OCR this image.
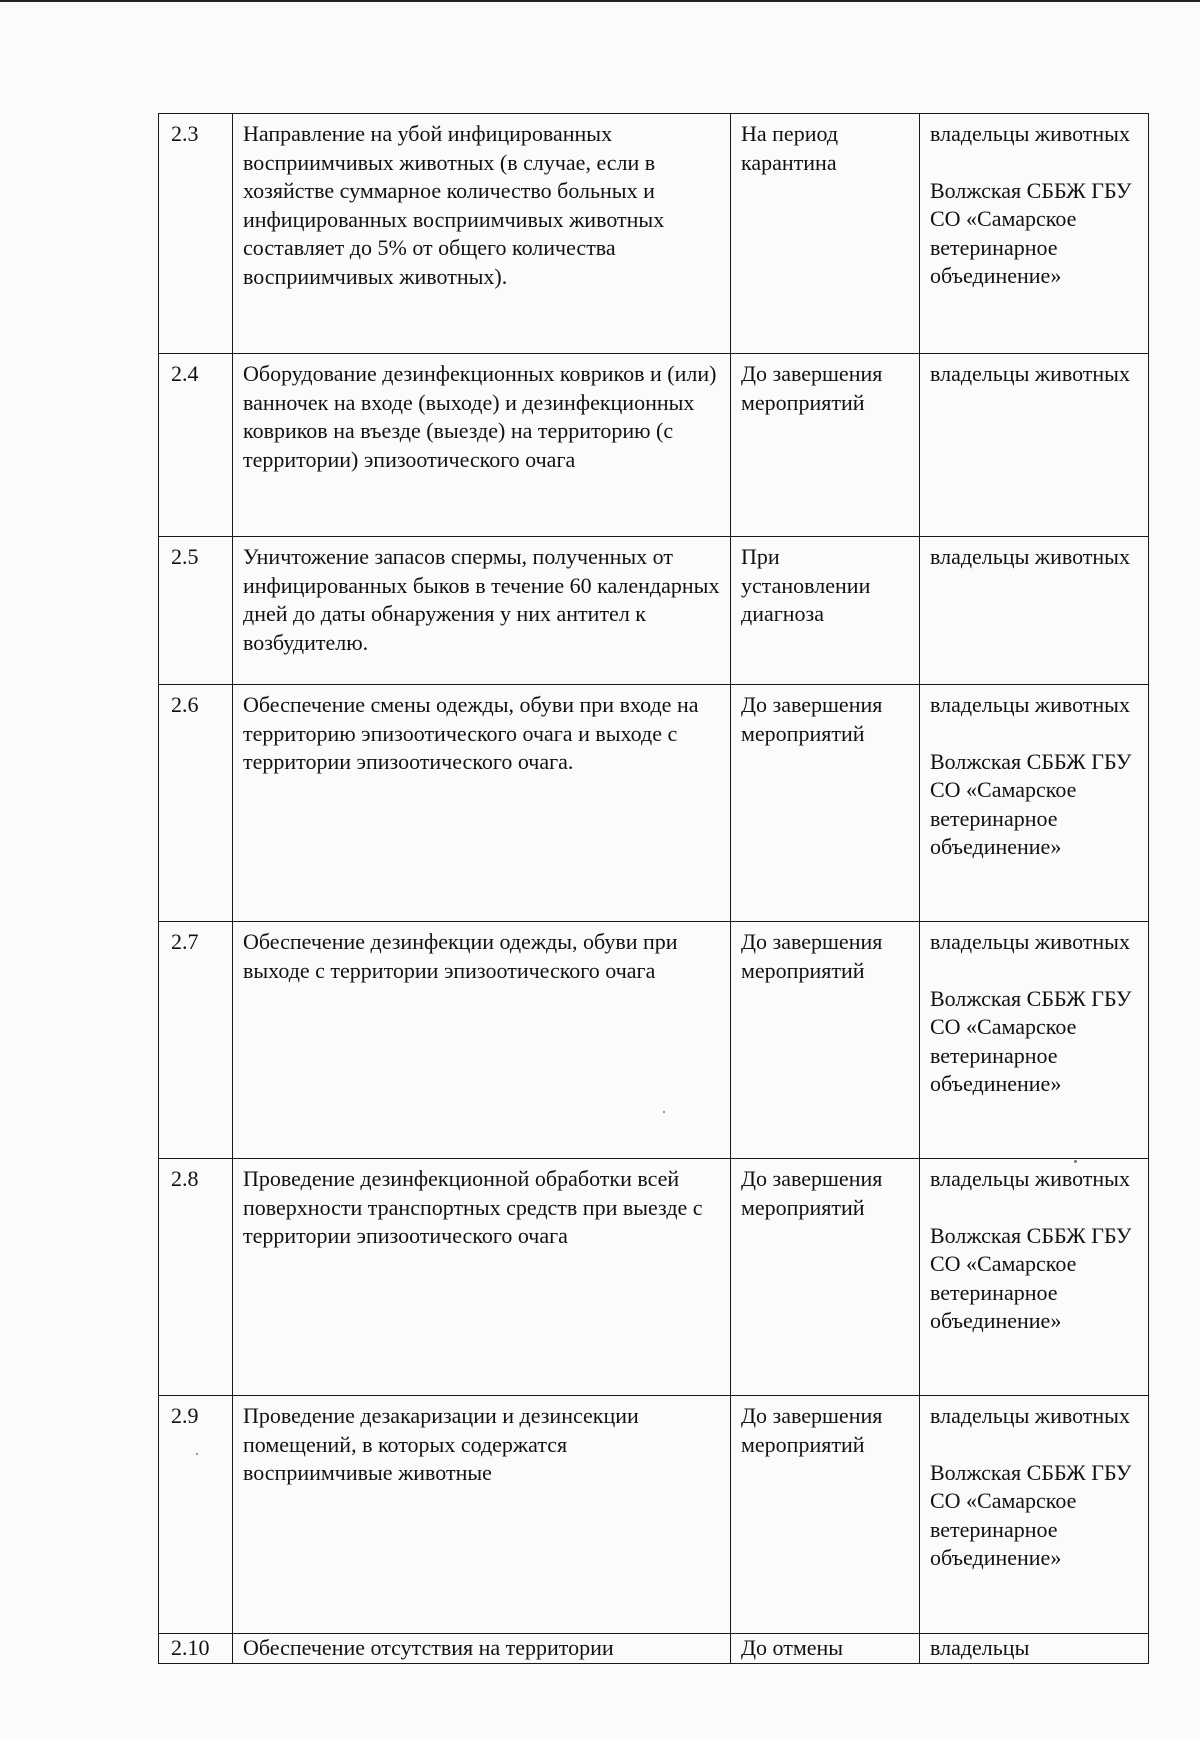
2.3	Направление на убой инфицированных восприимчивых животных (в случае, если в хозяйстве суммарное количество больных и инфицированных восприимчивых животных составляет до 5% от общего количества восприимчивых животных).	На период карантина	владельцы животных
Волжская СББЖ ГБУ СО «Самарское ветеринарное объединение»

2.4	Оборудование дезинфекционных ковриков и (или) ванночек на входе (выходе) и дезинфекционных ковриков на въезде (выезде) на территорию (с территории) эпизоотического очага	До завершения мероприятий	владельцы животных
2.5	Уничтожение запасов спермы, полученных от инфицированных быков в течение 60 календарных дней до даты обнаружения у них антител к возбудителю.	При установлении диагноза	владельцы животных
2.6	Обеспечение смены одежды, обуви при входе на территорию эпизоотического очага и выходе с территории эпизоотического очага.	До завершения мероприятий	владельцы животных
Волжская СББЖ ГБУ СО «Самарское ветеринарное объединение»

2.7	Обеспечение дезинфекции одежды, обуви при выходе с территории эпизоотического очага	До завершения мероприятий	владельцы животных
Волжская СББЖ ГБУ СО «Самарское ветеринарное объединение»

2.8	Проведение дезинфекционной обработки всей поверхности транспортных средств при выезде с территории эпизоотического очага	До завершения мероприятий	владельцы животных
Волжская СББЖ ГБУ СО «Самарское ветеринарное объединение»

2.9	Проведение дезакаризации и дезинсекции помещений, в которых содержатся восприимчивые животные	До завершения мероприятий	владельцы животных
Волжская СББЖ ГБУ СО «Самарское ветеринарное объединение»

2.10	Обеспечение отсутствия на территории	До отмены	владельцы
